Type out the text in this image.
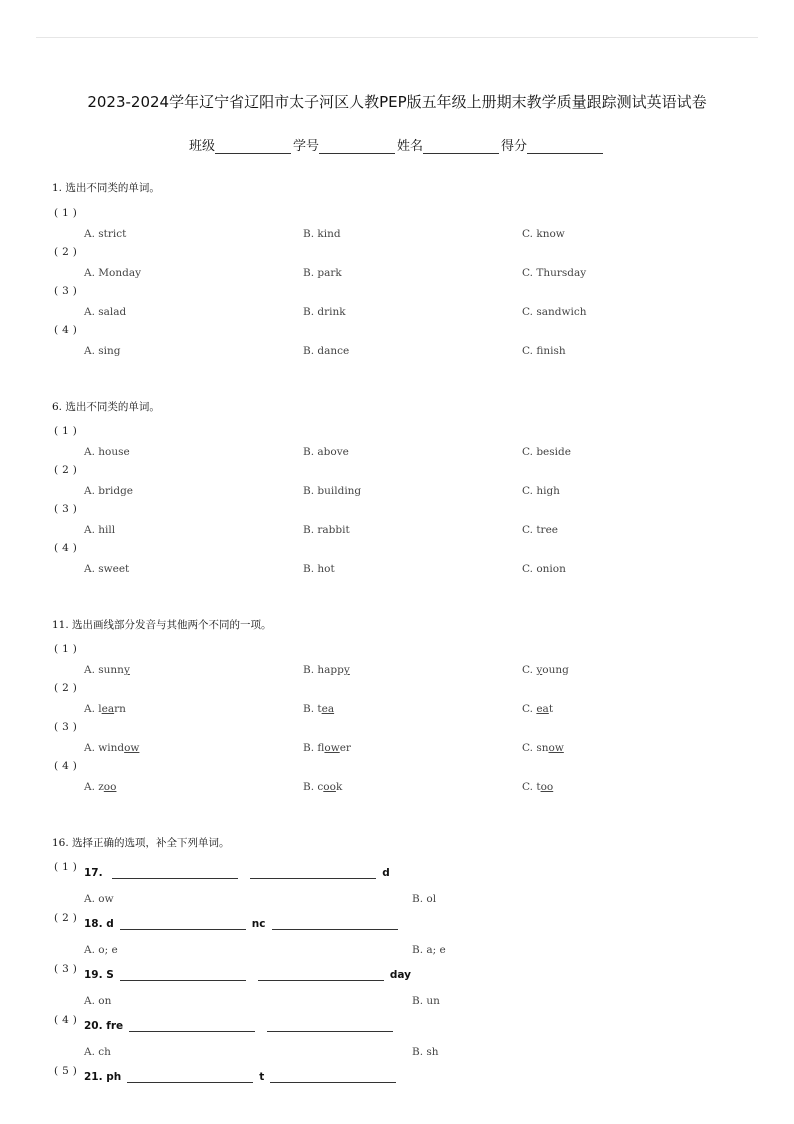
2023-2024学年辽宁省辽阳市太子河区人教PEP版五年级上册期末教学质量跟踪测试英语试卷
班级	学号	姓名	得分
1. 选出不同类的单词。
(1)
A. strict	B. kind	C. know
(2)
A. Monday	B. park	C. Thursday
(3)
A. salad	B. drink	C. sandwich
(4)
A. sing	B. dance	C. finish
6. 选出不同类的单词。
(1)
A. house	B. above	C. beside
(2)
A. bridge	B. building	C. high
(3)
A. hill	B. rabbit	C. tree
(4)
A. sweet	B. hot	C. onion
11. 选出画线部分发音与其他两个不同的一项。
(1)
A. sunny	B. happy	C. young
(2)
A. learn	B. tea	C. eat
(3)
A. window	B. flower	C. snow
(4)
A. zoo	B. cook	C. too
16. 选择正确的选项，补全下列单词。
(1) 17.	d
A. ow	B. ol
(2) 18. d	nc
A. o; e	B. a; e
(3) 19. S	day
A. on	B. un
(4) 20. fre
A. ch	B. sh
(5) 21. ph	t
